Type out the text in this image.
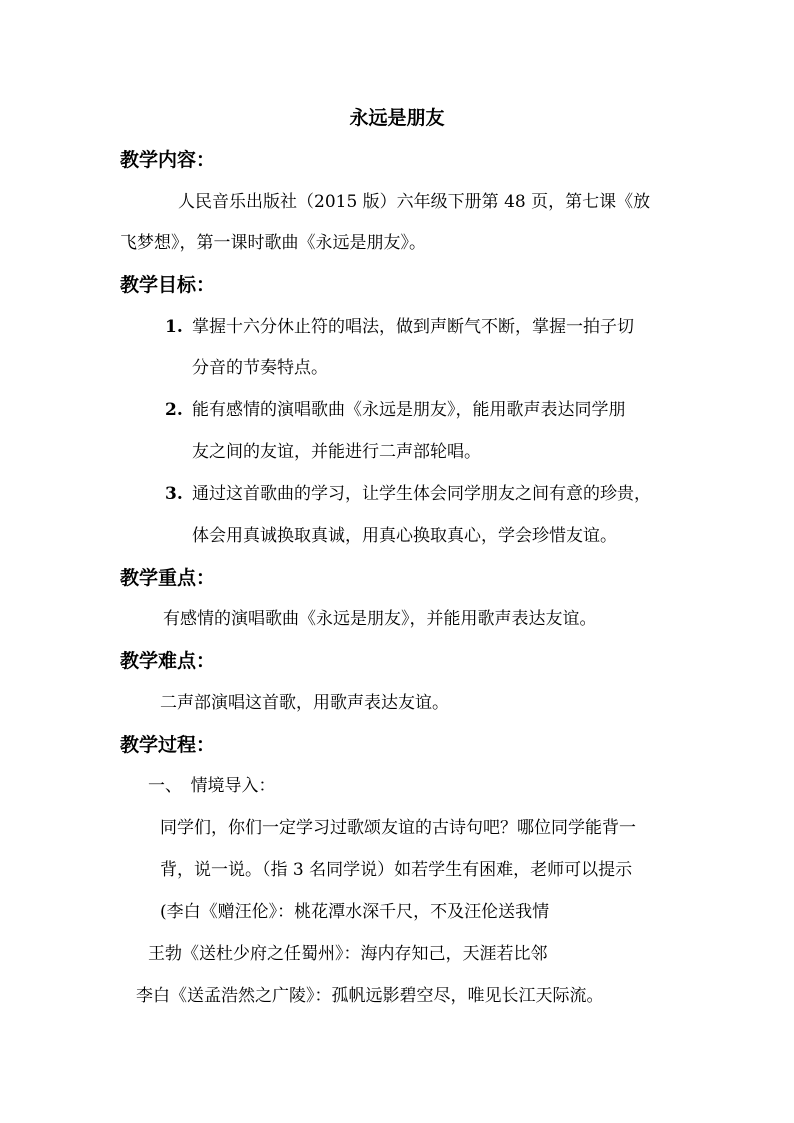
永远是朋友
教学内容：
人民音乐出版社（2015 版）六年级下册第 48 页，第七课《放
飞梦想》，第一课时歌曲《永远是朋友》。
教学目标：
1. 掌握十六分休止符的唱法，做到声断气不断，掌握一拍子切
分音的节奏特点。
2. 能有感情的演唱歌曲《永远是朋友》，能用歌声表达同学朋
友之间的友谊，并能进行二声部轮唱。
3. 通过这首歌曲的学习，让学生体会同学朋友之间有意的珍贵，
体会用真诚换取真诚，用真心换取真心，学会珍惜友谊。
教学重点：
有感情的演唱歌曲《永远是朋友》，并能用歌声表达友谊。
教学难点：
二声部演唱这首歌，用歌声表达友谊。
教学过程：
一、　情境导入：
同学们，你们一定学习过歌颂友谊的古诗句吧？哪位同学能背一
背，说一说。（指 3 名同学说）如若学生有困难，老师可以提示
(李白《赠汪伦》：桃花潭水深千尺，不及汪伦送我情
王勃《送杜少府之任蜀州》：海内存知己，天涯若比邻
李白《送孟浩然之广陵》：孤帆远影碧空尽，唯见长江天际流。
